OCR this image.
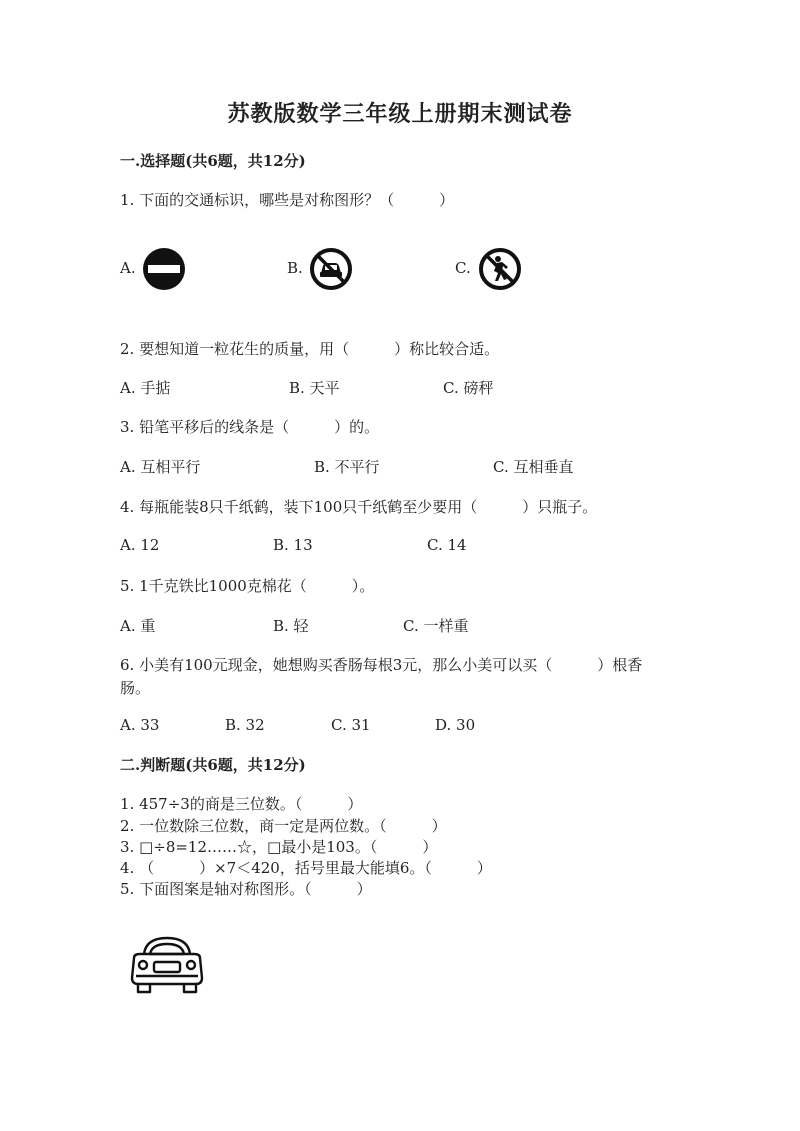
苏教版数学三年级上册期末测试卷
一.选择题(共6题，共12分)
1. 下面的交通标识，哪些是对称图形？（　　　）
A.	B.	C.
2. 要想知道一粒花生的质量，用（　　　）称比较合适。
A. 手掂	B. 天平	C. 磅秤
3. 铅笔平移后的线条是（　　　）的。
A. 互相平行	B. 不平行	C. 互相垂直
4. 每瓶能装8只千纸鹤，装下100只千纸鹤至少要用（　　　）只瓶子。
A. 12	B. 13	C. 14
5. 1千克铁比1000克棉花（　　　）。
A. 重	B. 轻	C. 一样重
6. 小美有100元现金，她想购买香肠每根3元，那么小美可以买（　　　）根香
肠。
A. 33	B. 32	C. 31	D. 30
二.判断题(共6题，共12分)
1. 457÷3的商是三位数。（　　　）
2. 一位数除三位数，商一定是两位数。（　　　）
3. □÷8=12……☆，□最小是103。（　　　）
4. （　　　）×7＜420，括号里最大能填6。（　　　）
5. 下面图案是轴对称图形。（　　　）
